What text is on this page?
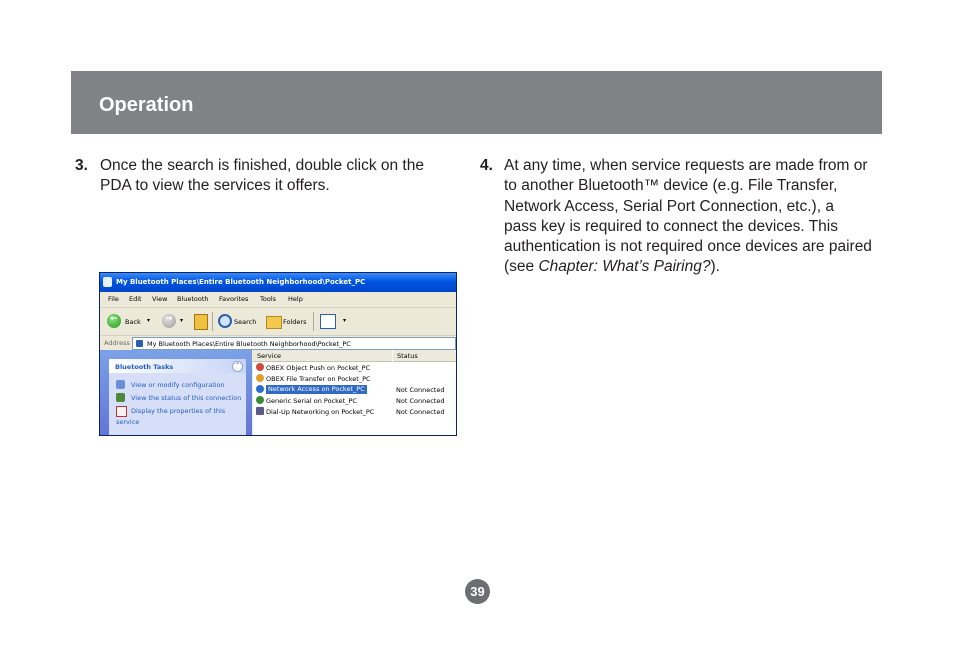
Operation
3. Once the search is finished, double click on the PDA to view the services it offers.

4. At any time, when service requests are made from or to another Bluetooth™ device (e.g. File Transfer, Network Access, Serial Port Connection, etc.), a

pass key is required to connect the devices. This authentication is not required once devices are paired (see Chapter: What’s Pairing?).

My Bluetooth Places\Entire Bluetooth Neighborhood\Pocket_PC
File Edit View Bluetooth Favorites Tools Help
← Back ▾ → ▾	Search	Folders	▾
Address	My Bluetooth Places\Entire Bluetooth Neighborhood\Pocket_PC
Bluetooth Tasks	ˆ
View or modify configuration
View the status of this connection
Display the properties of this
service
Service	Status
OBEX Object Push on Pocket_PC
OBEX File Transfer on Pocket_PC
Network Access on Pocket_PC	Not Connected
Generic Serial on Pocket_PC	Not Connected
Dial-Up Networking on Pocket_PC	Not Connected
39
